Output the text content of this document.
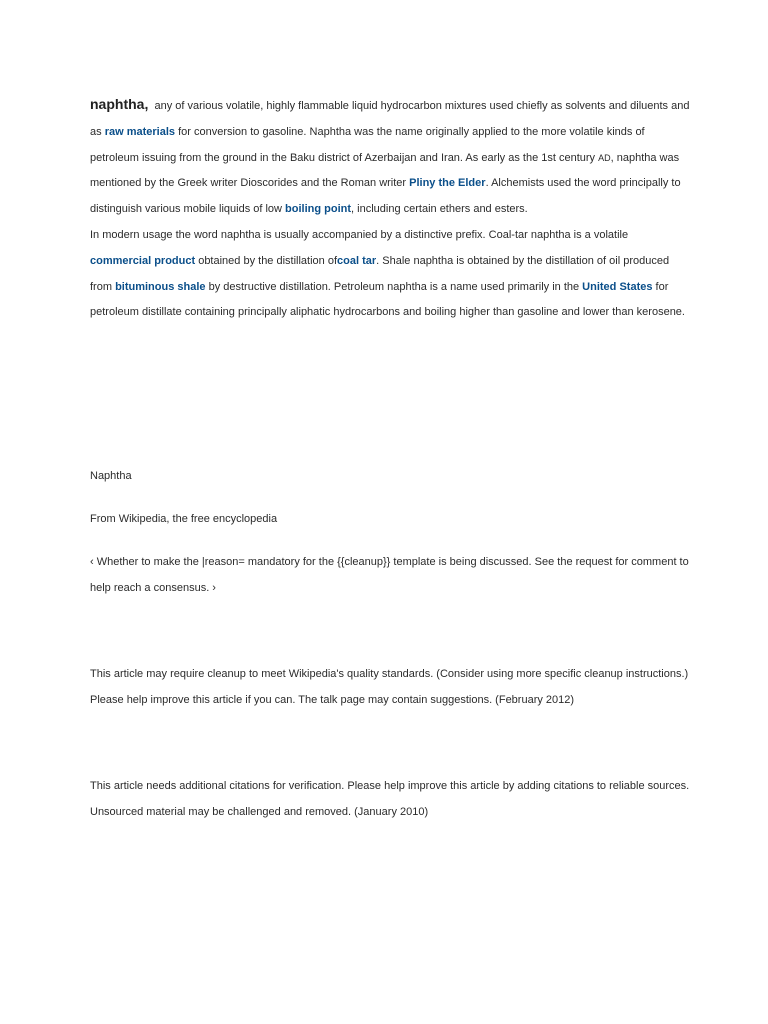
naphtha,  any of various volatile, highly flammable liquid hydrocarbon mixtures used chiefly as solvents and diluents and as raw materials for conversion to gasoline. Naphtha was the name originally applied to the more volatile kinds of petroleum issuing from the ground in the Baku district of Azerbaijan and Iran. As early as the 1st century AD, naphtha was mentioned by the Greek writer Dioscorides and the Roman writer Pliny the Elder. Alchemists used the word principally to distinguish various mobile liquids of low boiling point, including certain ethers and esters.

In modern usage the word naphtha is usually accompanied by a distinctive prefix. Coal-tar naphtha is a volatile commercial product obtained by the distillation ofcoal tar. Shale naphtha is obtained by the distillation of oil produced from bituminous shale by destructive distillation. Petroleum naphtha is a name used primarily in the United States for petroleum distillate containing principally aliphatic hydrocarbons and boiling higher than gasoline and lower than kerosene.

Naphtha

From Wikipedia, the free encyclopedia

‹ Whether to make the |reason= mandatory for the {{cleanup}} template is being discussed. See the request for comment to help reach a consensus. ›

This article may require cleanup to meet Wikipedia's quality standards. (Consider using more specific cleanup instructions.) Please help improve this article if you can. The talk page may contain suggestions. (February 2012)

This article needs additional citations for verification. Please help improve this article by adding citations to reliable sources. Unsourced material may be challenged and removed. (January 2010)
